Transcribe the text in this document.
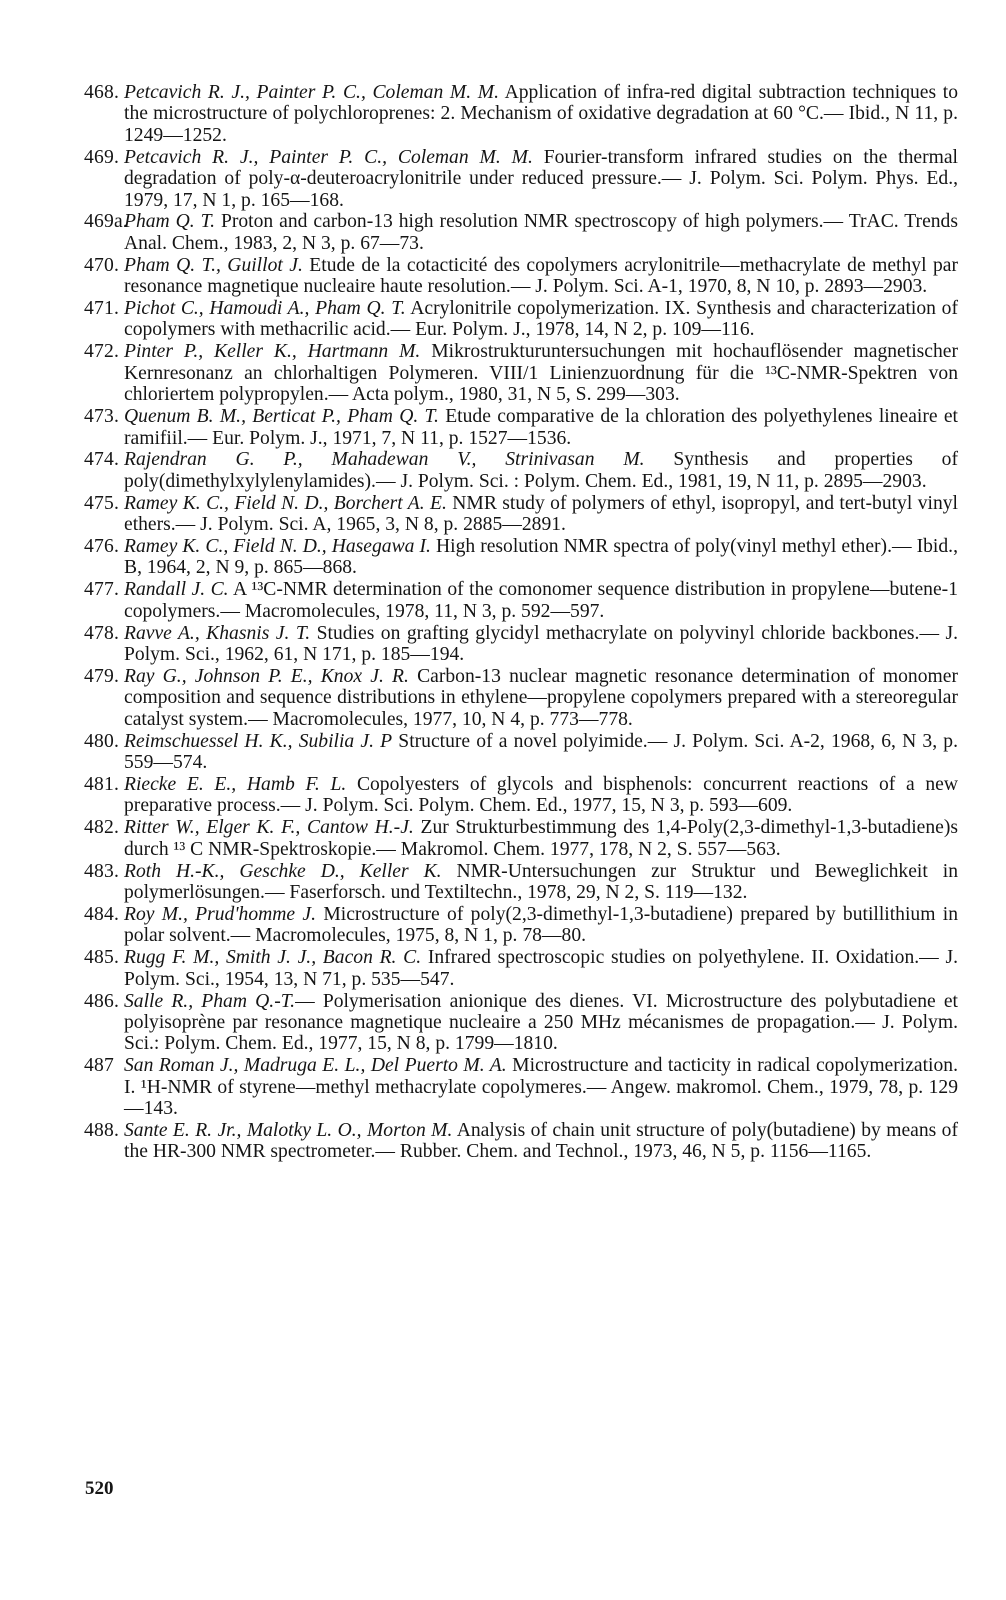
468. Petcavich R. J., Painter P. C., Coleman M. M. Application of infra-red digital subtraction techniques to the microstructure of polychloroprenes: 2. Mechanism of oxidative degradation at 60 °C.— Ibid., N 11, p. 1249—1252.
469. Petcavich R. J., Painter P. C., Coleman M. M. Fourier-transform infrared studies on the thermal degradation of poly-α-deuteroacrylonitrile under reduced pressure.— J. Polym. Sci. Polym. Phys. Ed., 1979, 17, N 1, p. 165—168.
469a.
Pham Q. T. Proton and carbon-13 high resolution NMR spectroscopy of high polymers.— TrAC. Trends Anal. Chem., 1983, 2, N 3, p. 67—73.
470. Pham Q. T., Guillot J. Etude de la cotacticité des copolymers acrylonitrile—methacrylate de methyl par resonance magnetique nucleaire haute resolution.— J. Polym. Sci. A-1, 1970, 8, N 10, p. 2893—2903.
471. Pichot C., Hamoudi A., Pham Q. T. Acrylonitrile copolymerization. IX. Synthesis and characterization of copolymers with methacrilic acid.— Eur. Polym. J., 1978, 14, N 2, p. 109—116.
472. Pinter P., Keller K., Hartmann M. Mikrostrukturuntersuchungen mit hochauflösender magnetischer Kernresonanz an chlorhaltigen Polymeren. VIII/1 Linienzuordnung für die ¹³C-NMR-Spektren von chloriertem polypropylen.— Acta polym., 1980, 31, N 5, S. 299—303.
473. Quenum B. M., Berticat P., Pham Q. T. Etude comparative de la chloration des polyethylenes lineaire et ramifiil.— Eur. Polym. J., 1971, 7, N 11, p. 1527—1536.
474. Rajendran G. P., Mahadewan V., Strinivasan M. Synthesis and properties of poly(dimethylxylylenylamides).— J. Polym. Sci. : Polym. Chem. Ed., 1981, 19, N 11, p. 2895—2903.
475. Ramey K. C., Field N. D., Borchert A. E. NMR study of polymers of ethyl, isopropyl, and tert-butyl vinyl ethers.— J. Polym. Sci. A, 1965, 3, N 8, p. 2885—2891.
476. Ramey K. C., Field N. D., Hasegawa I. High resolution NMR spectra of poly(vinyl methyl ether).— Ibid., B, 1964, 2, N 9, p. 865—868.
477. Randall J. C. A ¹³C-NMR determination of the comonomer sequence distribution in propylene—butene-1 copolymers.— Macromolecules, 1978, 11, N 3, p. 592—597.
478. Ravve A., Khasnis J. T. Studies on grafting glycidyl methacrylate on polyvinyl chloride backbones.— J. Polym. Sci., 1962, 61, N 171, p. 185—194.
479. Ray G., Johnson P. E., Knox J. R. Carbon-13 nuclear magnetic resonance determination of monomer composition and sequence distributions in ethylene—propylene copolymers prepared with a stereoregular catalyst system.— Macromolecules, 1977, 10, N 4, p. 773—778.
480. Reimschuessel H. K., Subilia J. P Structure of a novel polyimide.— J. Polym. Sci. A-2, 1968, 6, N 3, p. 559—574.
481. Riecke E. E., Hamb F. L. Copolyesters of glycols and bisphenols: concurrent reactions of a new preparative process.— J. Polym. Sci. Polym. Chem. Ed., 1977, 15, N 3, p. 593—609.
482. Ritter W., Elger K. F., Cantow H.-J. Zur Strukturbestimmung des 1,4-Poly(2,3-dimethyl-1,3-butadiene)s durch ¹³ C NMR-Spektroskopie.— Makromol. Chem. 1977, 178, N 2, S. 557—563.
483. Roth H.-K., Geschke D., Keller K. NMR-Untersuchungen zur Struktur und Beweglichkeit in polymerlösungen.— Faserforsch. und Textiltechn., 1978, 29, N 2, S. 119—132.
484. Roy M., Prud'homme J. Microstructure of poly(2,3-dimethyl-1,3-butadiene) prepared by butillithium in polar solvent.— Macromolecules, 1975, 8, N 1, p. 78—80.
485. Rugg F. M., Smith J. J., Bacon R. C. Infrared spectroscopic studies on polyethylene. II. Oxidation.— J. Polym. Sci., 1954, 13, N 71, p. 535—547.
486. Salle R., Pham Q.-T.— Polymerisation anionique des dienes. VI. Microstructure des polybutadiene et polyisoprène par resonance magnetique nucleaire a 250 MHz mécanismes de propagation.— J. Polym. Sci.: Polym. Chem. Ed., 1977, 15, N 8, p. 1799—1810.
487 San Roman J., Madruga E. L., Del Puerto M. A. Microstructure and tacticity in radical copolymerization. I. ¹H-NMR of styrene—methyl methacrylate copolymeres.— Angew. makromol. Chem., 1979, 78, p. 129—143.
488. Sante E. R. Jr., Malotky L. O., Morton M. Analysis of chain unit structure of poly(butadiene) by means of the HR-300 NMR spectrometer.— Rubber. Chem. and Technol., 1973, 46, N 5, p. 1156—1165.
520
